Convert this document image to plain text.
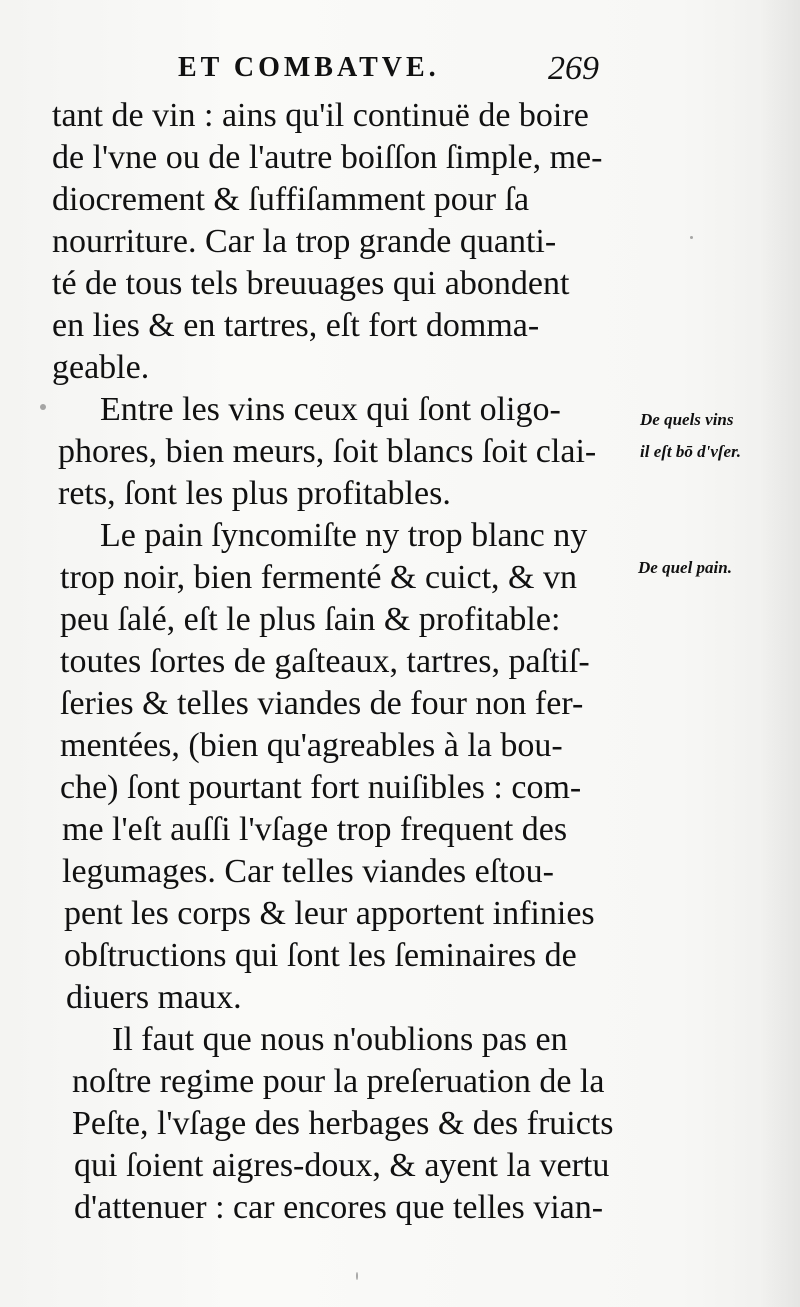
ET COMBATVE.	269
tant de vin : ains qu'il continuë de boire
de l'vne ou de l'autre boiſſon ſimple, me-
diocrement & ſuffiſamment pour ſa
nourriture. Car la trop grande quanti-
té de tous tels breuuages qui abondent
en lies & en tartres, eſt fort domma-
geable.
Entre les vins ceux qui ſont oligo-
phores, bien meurs, ſoit blancs ſoit clai-
rets, ſont les plus profitables.
Le pain ſyncomiſte ny trop blanc ny
trop noir, bien fermenté & cuict, & vn
peu ſalé, eſt le plus ſain & profitable:
toutes ſortes de gaſteaux, tartres, paſtiſ-
ſeries & telles viandes de four non fer-
mentées, (bien qu'agreables à la bou-
che) ſont pourtant fort nuiſibles : com-
me l'eſt auſſi l'vſage trop frequent des
legumages. Car telles viandes eſtou-
pent les corps & leur apportent infinies
obſtructions qui ſont les ſeminaires de
diuers maux.
Il faut que nous n'oublions pas en
noſtre regime pour la preſeruation de la
Peſte, l'vſage des herbages & des fruicts
qui ſoient aigres-doux, & ayent la vertu
d'attenuer : car encores que telles vian-
De quels vins
il eſt bō d'vſer.
De quel pain.
